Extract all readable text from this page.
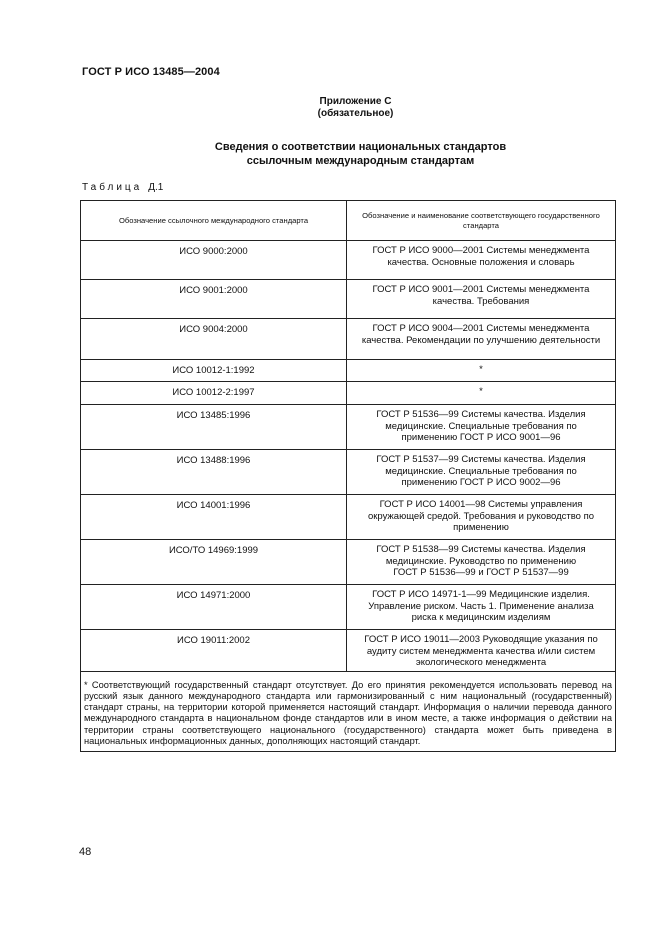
ГОСТ Р ИСО 13485—2004
Приложение С
(обязательное)
Сведения о соответствии национальных стандартов
ссылочным международным стандартам
Таблица Д.1
Обозначение ссылочного международного стандарта	Обозначение и наименование соответствующего государственного стандарта
ИСО 9000:2000	ГОСТ Р ИСО 9000—2001 Системы менеджмента
качества. Основные положения и словарь

ИСО 9001:2000	ГОСТ Р ИСО 9001—2001 Системы менеджмента
качества. Требования

ИСО 9004:2000	ГОСТ Р ИСО 9004—2001 Системы менеджмента
качества. Рекомендации по улучшению деятельности

ИСО 10012-1:1992	*

ИСО 10012-2:1997	*

ИСО 13485:1996	ГОСТ Р 51536—99 Системы качества. Изделия
медицинские. Специальные требования по
применению ГОСТ Р ИСО 9001—96

ИСО 13488:1996	ГОСТ Р 51537—99 Системы качества. Изделия
медицинские. Специальные требования по
применению ГОСТ Р ИСО 9002—96

ИСО 14001:1996	ГОСТ Р ИСО 14001—98 Системы управления
окружающей средой. Требования и руководство по
применению

ИСО/ТО 14969:1999	ГОСТ Р 51538—99 Системы качества. Изделия
медицинские. Руководство по применению
ГОСТ Р 51536—99 и ГОСТ Р 51537—99

ИСО 14971:2000	ГОСТ Р ИСО 14971-1—99 Медицинские изделия.
Управление риском. Часть 1. Применение анализа
риска к медицинским изделиям

ИСО 19011:2002	ГОСТ Р ИСО 19011—2003 Руководящие указания по
аудиту систем менеджмента качества и/или систем
экологического менеджмента

* Соответствующий государственный стандарт отсутствует. До его принятия рекомендуется использовать перевод на русский язык данного международного стандарта или гармонизированный с ним национальный (государственный) стандарт страны, на территории которой применяется настоящий стандарт. Информация о наличии перевода данного международного стандарта в национальном фонде стандартов или в ином месте, а также информация о действии на территории страны соответствующего национального (государственного) стандарта может быть приведена в национальных информационных данных, дополняющих настоящий стандарт.	
48
